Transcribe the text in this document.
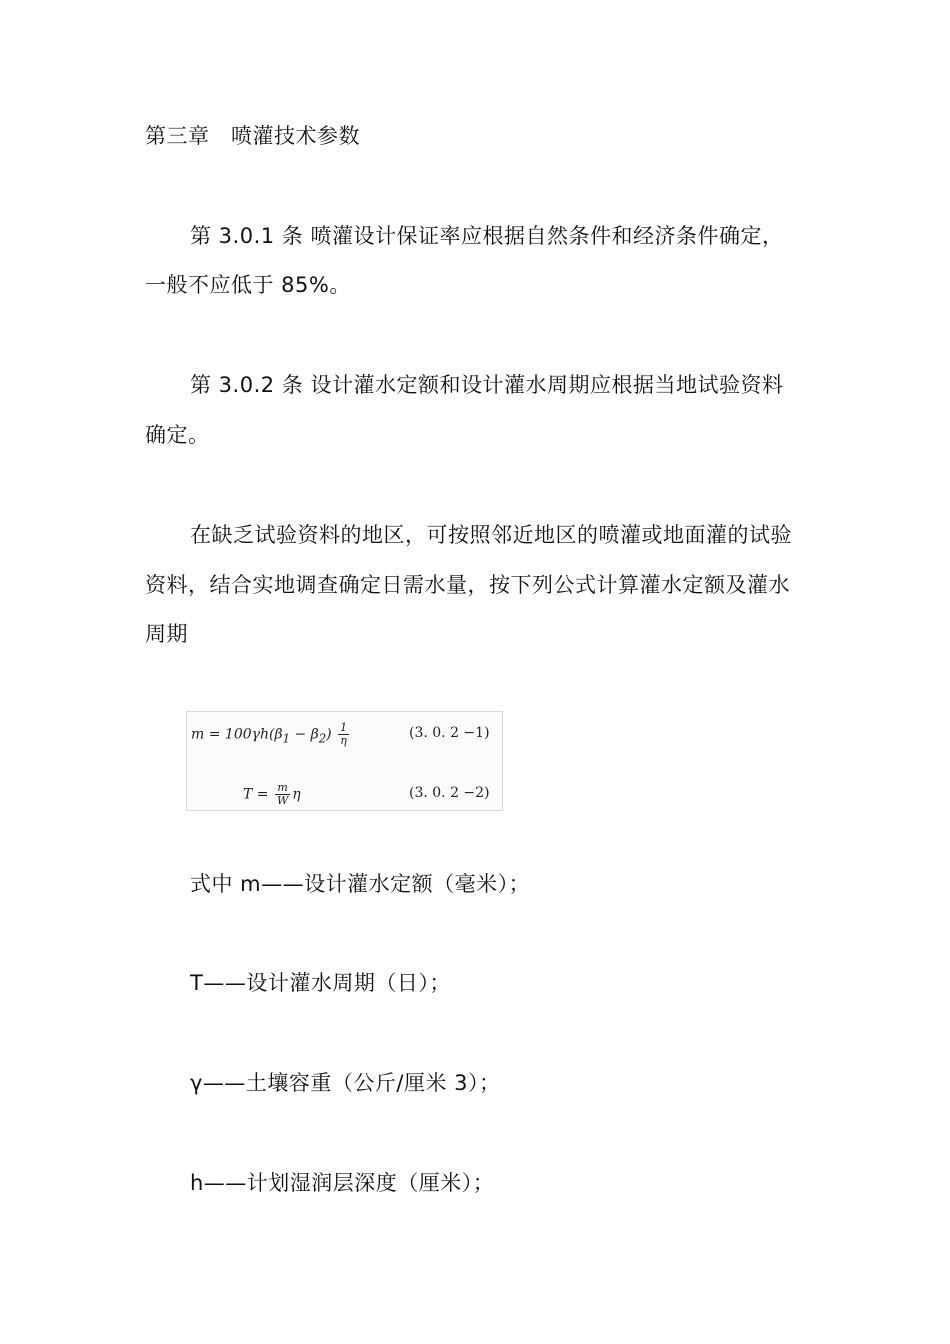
第三章　喷灌技术参数
第 3.0.1 条 喷灌设计保证率应根据自然条件和经济条件确定，
一般不应低于 85%。
第 3.0.2 条 设计灌水定额和设计灌水周期应根据当地试验资料
确定。
在缺乏试验资料的地区，可按照邻近地区的喷灌或地面灌的试验
资料，结合实地调查确定日需水量，按下列公式计算灌水定额及灌水
周期
$m = 100\gamma h(\beta_1 - \beta_2) \frac{1}{\eta}$	(3. 0. 2 −1)
$T = \frac{m}{W}$ η	(3. 0. 2 −2)
式中 m——设计灌水定额（毫米）；
T——设计灌水周期（日）；
γ——土壤容重（公斤/厘米 3）；
h——计划湿润层深度（厘米）；
